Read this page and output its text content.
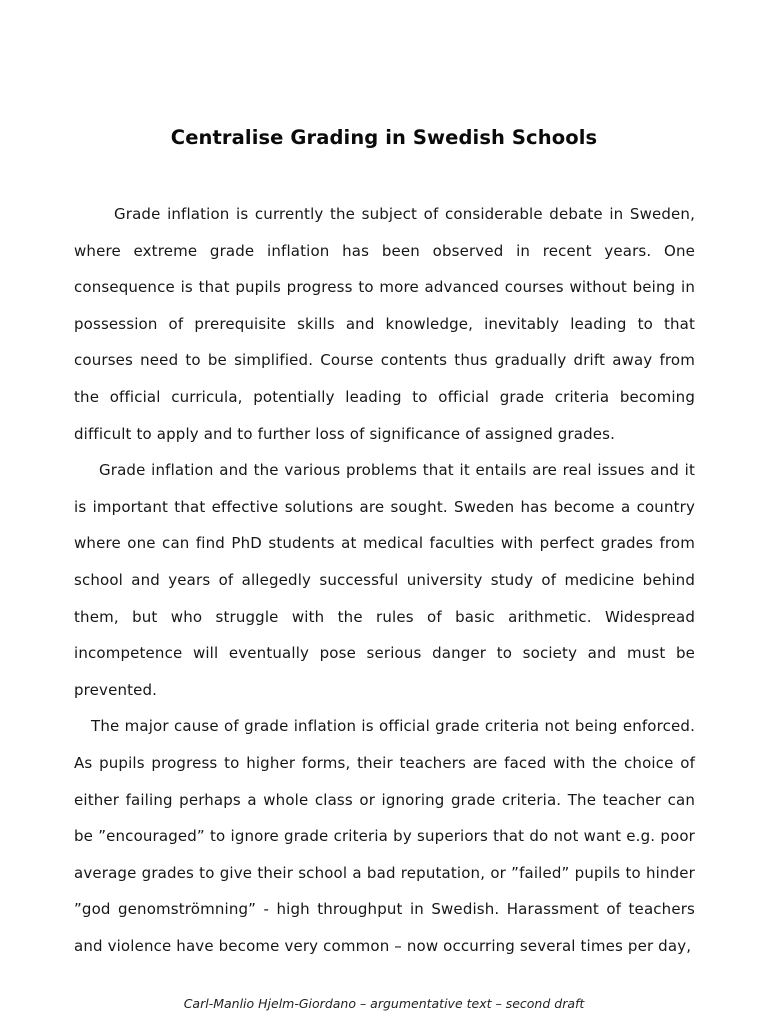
Centralise Grading in Swedish Schools

Grade inflation is currently the subject of considerable debate in Sweden, where extreme grade inflation has been observed in recent years. One consequence is that pupils progress to more advanced courses without being in possession of prerequisite skills and knowledge, inevitably leading to that courses need to be simplified. Course contents thus gradually drift away from the official curricula, potentially leading to official grade criteria becoming difficult to apply and to further loss of significance of assigned grades.

Grade inflation and the various problems that it entails are real issues and it is important that effective solutions are sought. Sweden has become a country where one can find PhD students at medical faculties with perfect grades from school and years of allegedly successful university study of medicine behind them, but who struggle with the rules of basic arithmetic. Widespread incompetence will eventually pose serious danger to society and must be prevented.

The major cause of grade inflation is official grade criteria not being enforced. As pupils progress to higher forms, their teachers are faced with the choice of either failing perhaps a whole class or ignoring grade criteria. The teacher can be ”encouraged” to ignore grade criteria by superiors that do not want e.g. poor average grades to give their school a bad reputation, or ”failed” pupils to hinder ”god genomströmning” - high throughput in Swedish. Harassment of teachers and violence have become very common – now occurring several times per day,

Carl-Manlio Hjelm-Giordano – argumentative text – second draft
